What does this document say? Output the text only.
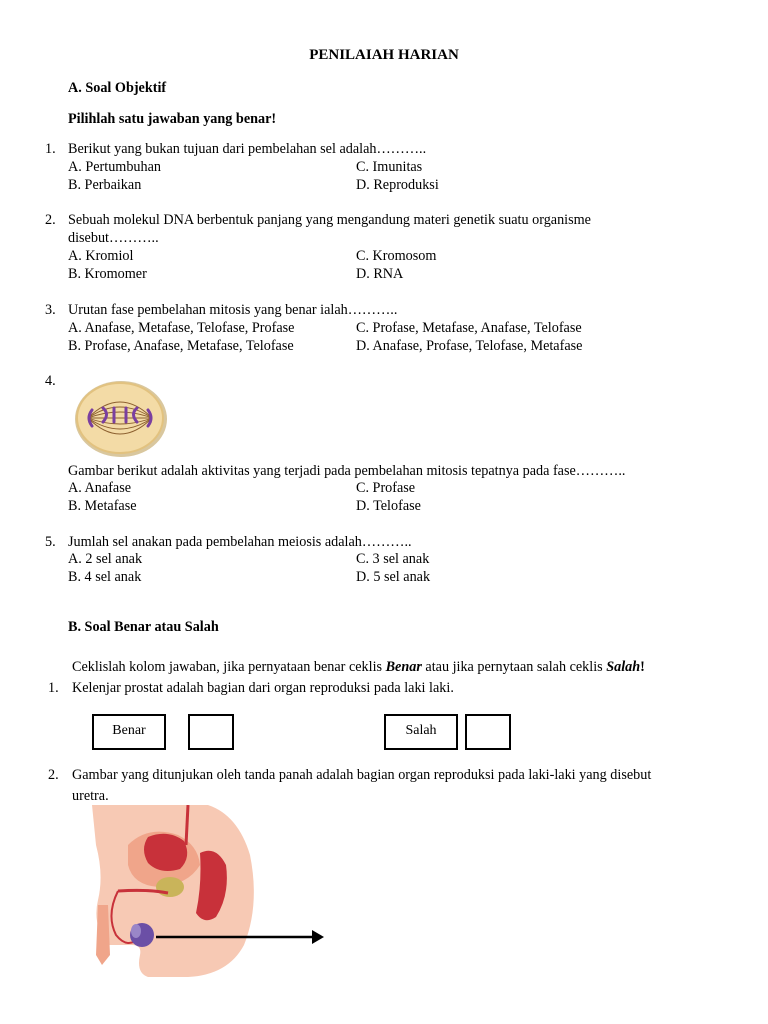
PENILAIAH HARIAN
A. Soal Objektif
Pilihlah satu jawaban yang benar!
1. Berikut yang bukan tujuan dari pembelahan sel adalah………..
A. Pertumbuhan	C. Imunitas
B. Perbaikan	D. Reproduksi
2. Sebuah molekul DNA berbentuk panjang yang mengandung materi genetik suatu organisme
disebut………..
A. Kromiol	C. Kromosom
B. Kromomer	D. RNA
3. Urutan fase pembelahan mitosis yang benar ialah………..
A. Anafase, Metafase, Telofase, Profase	C. Profase, Metafase, Anafase, Telofase
B. Profase, Anafase, Metafase, Telofase	D. Anafase, Profase, Telofase, Metafase
4.
Gambar berikut adalah aktivitas yang terjadi pada pembelahan mitosis tepatnya pada fase………..
A. Anafase	C. Profase
B. Metafase	D. Telofase
5. Jumlah sel anakan pada pembelahan meiosis adalah………..
A. 2 sel anak	C. 3 sel anak
B. 4 sel anak	D. 5 sel anak
B. Soal Benar atau Salah
Ceklislah kolom jawaban, jika pernyataan benar ceklis Benar atau jika pernytaan salah ceklis Salah!
1. Kelenjar prostat adalah bagian dari organ reproduksi pada laki laki.
Benar	Salah
2. Gambar yang ditunjukan oleh tanda panah adalah bagian organ reproduksi pada laki-laki yang disebut
uretra.
